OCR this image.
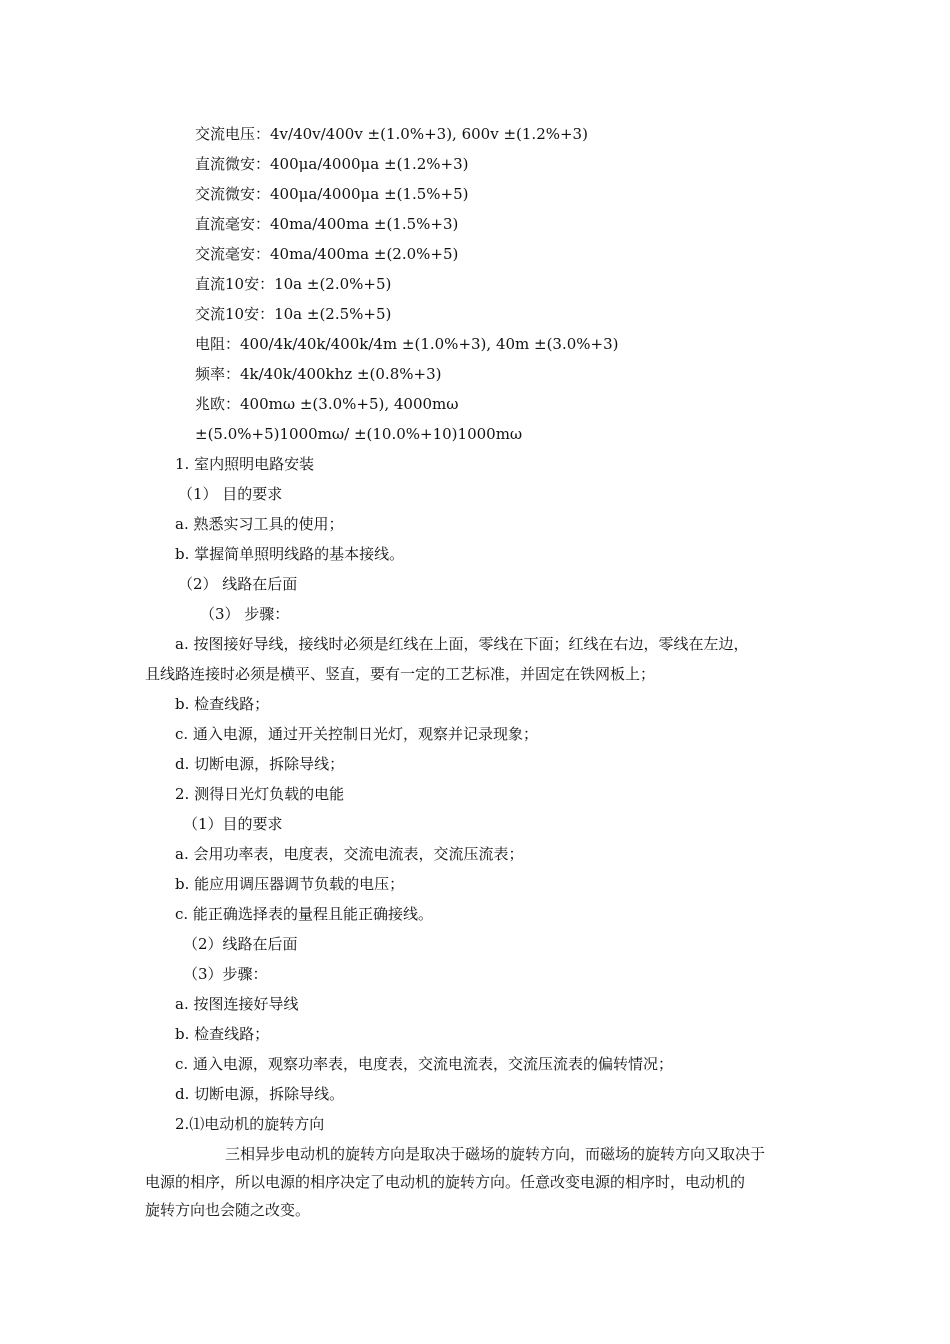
交流电压：4v/40v/400v ±(1.0%+3), 600v ±(1.2%+3)
直流微安：400μa/4000μa ±(1.2%+3)
交流微安：400μa/4000μa ±(1.5%+5)
直流毫安：40ma/400ma ±(1.5%+3)
交流毫安：40ma/400ma ±(2.0%+5)
直流10安：10a ±(2.0%+5)
交流10安：10a ±(2.5%+5)
电阻：400/4k/40k/400k/4m ±(1.0%+3), 40m ±(3.0%+3)
频率：4k/40k/400khz ±(0.8%+3)
兆欧：400mω ±(3.0%+5), 4000mω
±(5.0%+5)1000mω/ ±(10.0%+10)1000mω
1. 室内照明电路安装
（1） 目的要求
a. 熟悉实习工具的使用；
b. 掌握简单照明线路的基本接线。
（2） 线路在后面
（3） 步骤：
a. 按图接好导线，接线时必须是红线在上面，零线在下面；红线在右边，零线在左边，
且线路连接时必须是横平、竖直，要有一定的工艺标准，并固定在铁网板上；
b. 检查线路；
c. 通入电源，通过开关控制日光灯，观察并记录现象；
d. 切断电源，拆除导线；
2. 测得日光灯负载的电能
（1）目的要求
a. 会用功率表，电度表，交流电流表，交流压流表；
b. 能应用调压器调节负载的电压；
c. 能正确选择表的量程且能正确接线。
（2）线路在后面
（3）步骤：
a. 按图连接好导线
b. 检查线路；
c. 通入电源，观察功率表，电度表，交流电流表，交流压流表的偏转情况；
d. 切断电源，拆除导线。
2.⑴电动机的旋转方向
三相异步电动机的旋转方向是取决于磁场的旋转方向，而磁场的旋转方向又取决于
电源的相序，所以电源的相序决定了电动机的旋转方向。任意改变电源的相序时，电动机的
旋转方向也会随之改变。
